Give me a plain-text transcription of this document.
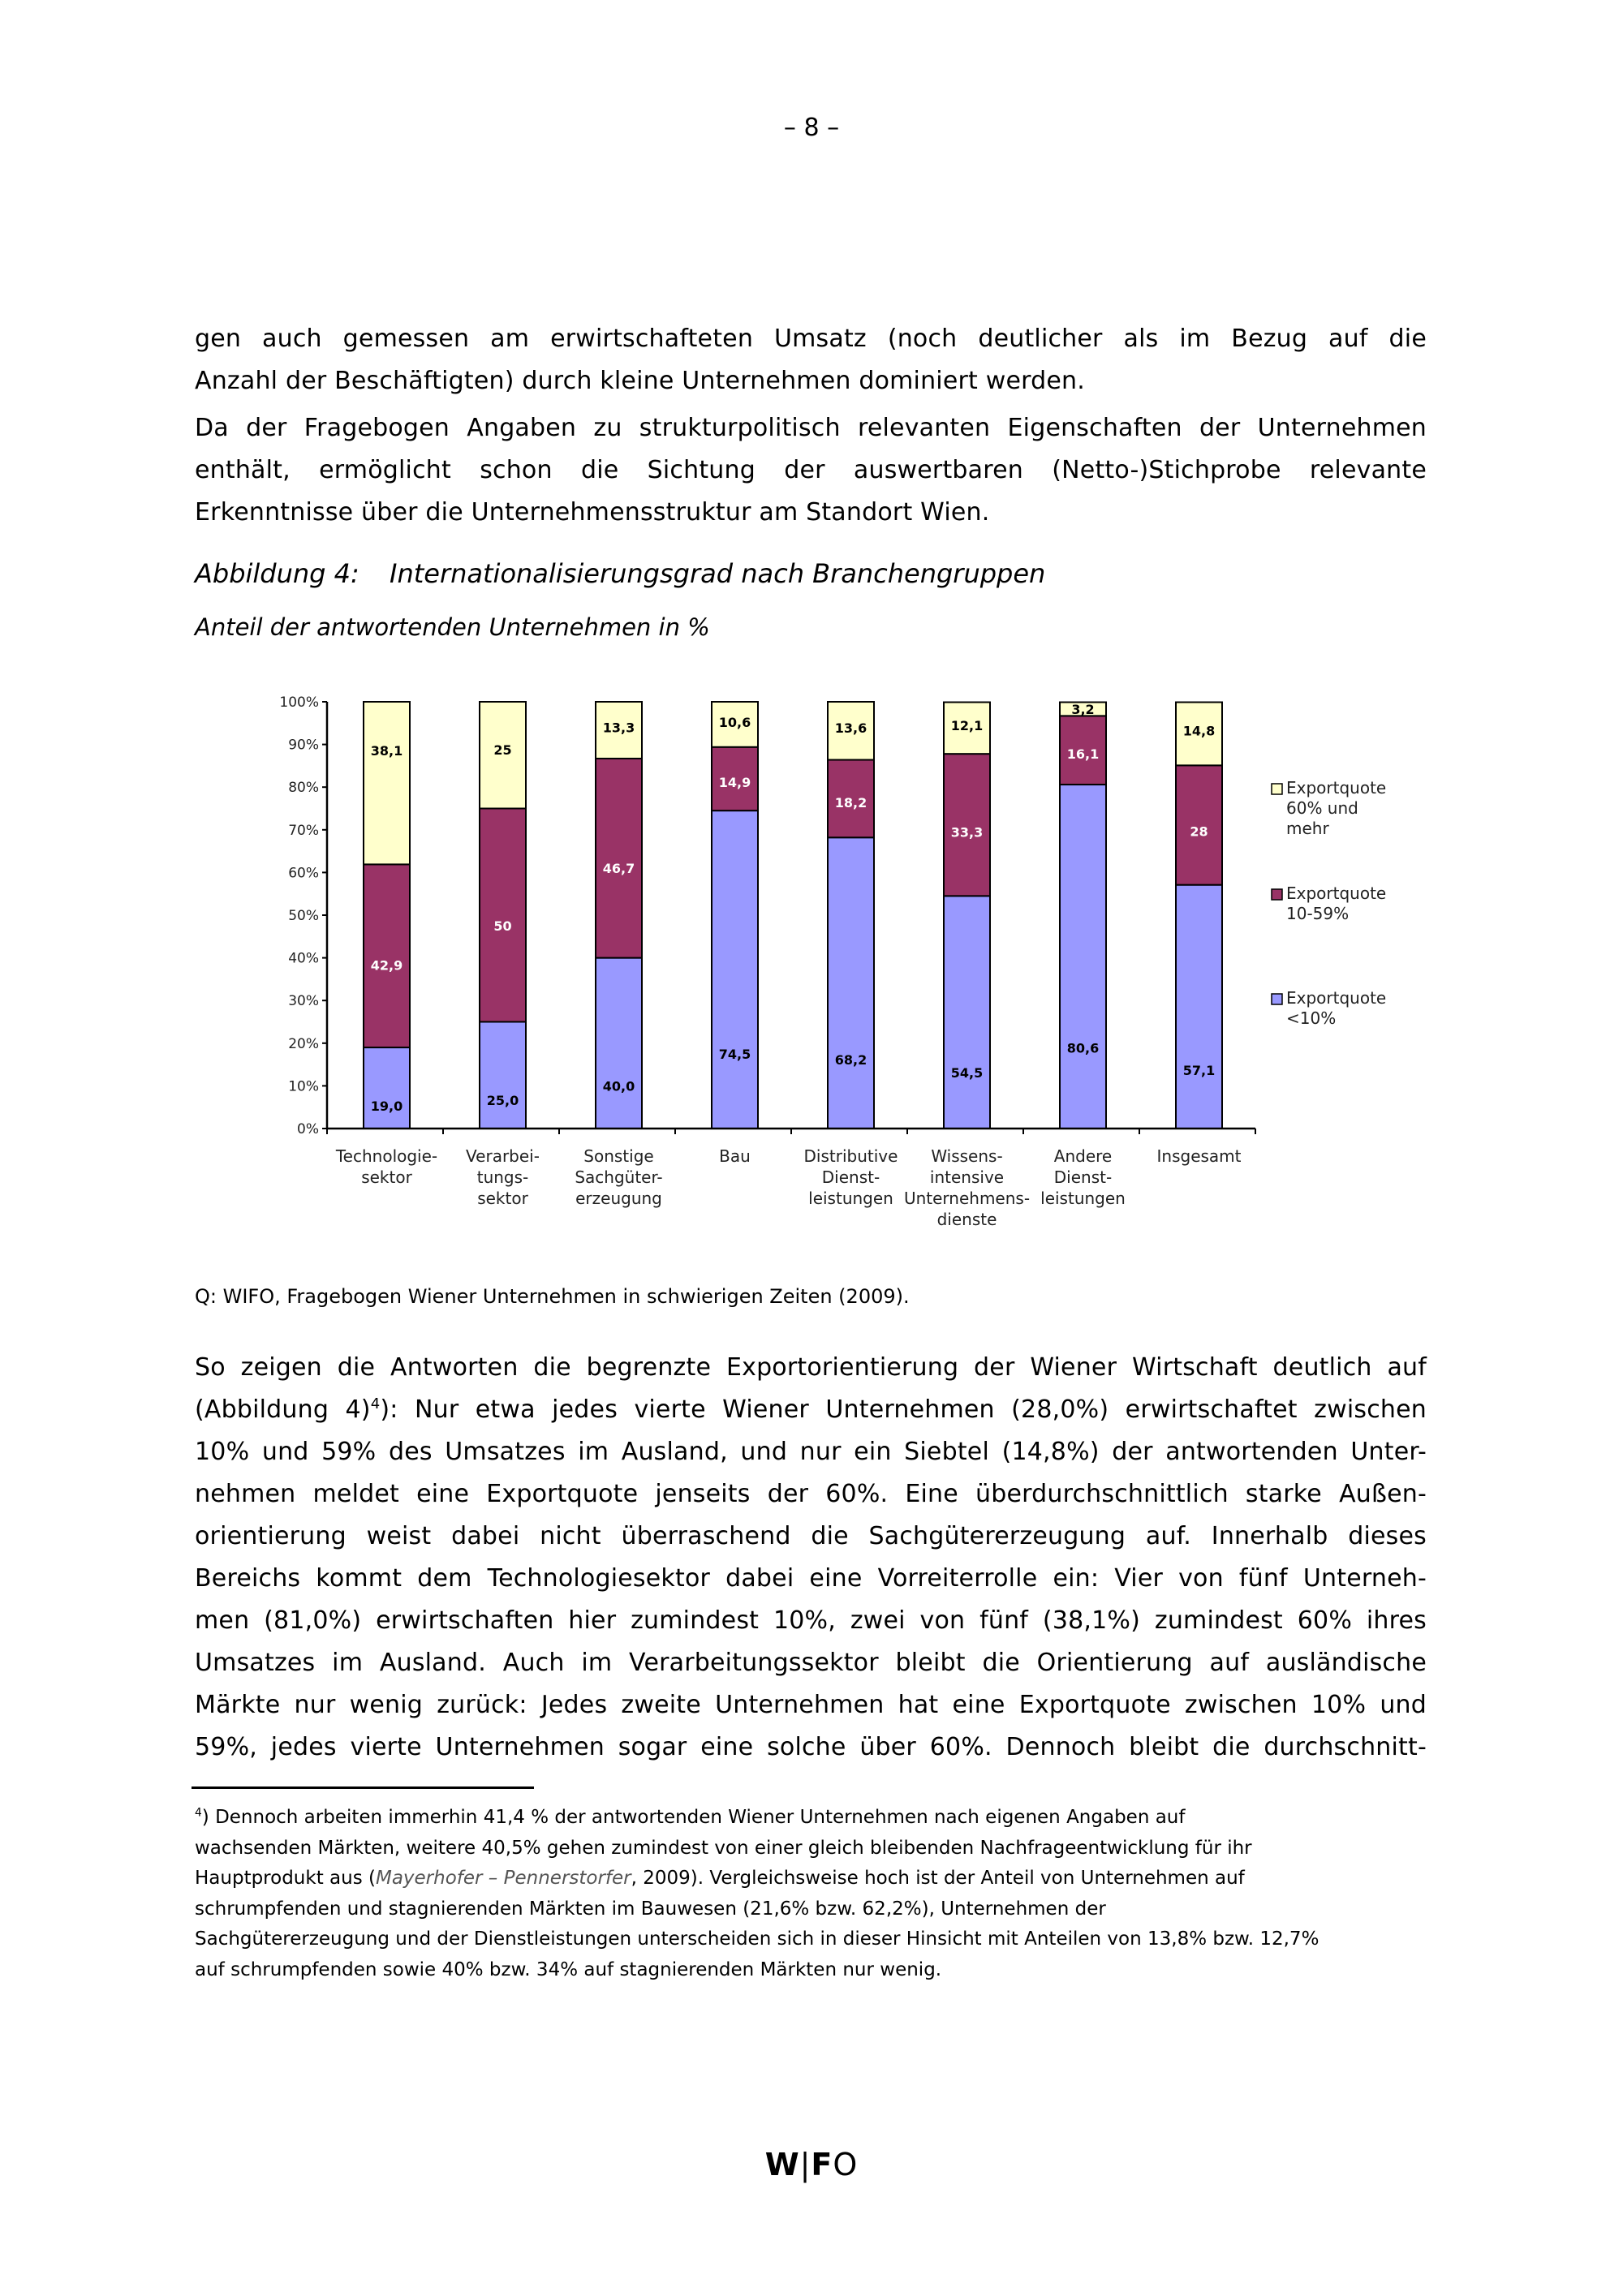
– 8 –
gen auch gemessen am erwirtschafteten Umsatz (noch deutlicher als im Bezug auf die
Anzahl der Beschäftigten) durch kleine Unternehmen dominiert werden.
Da der Fragebogen Angaben zu strukturpolitisch relevanten Eigenschaften der Unternehmen
enthält, ermöglicht schon die Sichtung der auswertbaren (Netto-)Stichprobe relevante
Erkenntnisse über die Unternehmensstruktur am Standort Wien.
Abbildung 4: Internationalisierungsgrad nach Branchengruppen
Anteil der antwortenden Unternehmen in %
0%
10%
20%
30%
40%
50%
60%
70%
80%
90%
100%
19,0
42,9
38,1
25,0
50
25
40,0
46,7
13,3
74,5
14,9
10,6
68,2
18,2
13,6
54,5
33,3
12,1
80,6
16,1
3,2
57,1
28
14,8
Technologie-sektor
Verarbei-tungs-sektor
Sonstige Sachgüter-erzeugung
Bau	Distributive Dienst-leistungen
Wissens-intensive Unternehmens-dienste
Andere Dienst-leistungen
Insgesamt
Exportquote 60% und mehr
Exportquote 10-59%
Exportquote <10%
Q: WIFO, Fragebogen Wiener Unternehmen in schwierigen Zeiten (2009).
So zeigen die Antworten die begrenzte Exportorientierung der Wiener Wirtschaft deutlich auf
(Abbildung 4)$^4$): Nur etwa jedes vierte Wiener Unternehmen (28,0%) erwirtschaftet zwischen
10% und 59% des Umsatzes im Ausland, und nur ein Siebtel (14,8%) der antwortenden Unter-
nehmen meldet eine Exportquote jenseits der 60%. Eine überdurchschnittlich starke Außen-
orientierung weist dabei nicht überraschend die Sachgütererzeugung auf. Innerhalb dieses
Bereichs kommt dem Technologiesektor dabei eine Vorreiterrolle ein: Vier von fünf Unterneh-
men (81,0%) erwirtschaften hier zumindest 10%, zwei von fünf (38,1%) zumindest 60% ihres
Umsatzes im Ausland. Auch im Verarbeitungssektor bleibt die Orientierung auf ausländische
Märkte nur wenig zurück: Jedes zweite Unternehmen hat eine Exportquote zwischen 10% und
59%, jedes vierte Unternehmen sogar eine solche über 60%. Dennoch bleibt die durchschnitt-
$^4$) Dennoch arbeiten immerhin 41,4 % der antwortenden Wiener Unternehmen nach eigenen Angaben auf
wachsenden Märkten, weitere 40,5% gehen zumindest von einer gleich bleibenden Nachfrageentwicklung für ihr
Hauptprodukt aus (Mayerhofer – Pennerstorfer, 2009). Vergleichsweise hoch ist der Anteil von Unternehmen auf
schrumpfenden und stagnierenden Märkten im Bauwesen (21,6% bzw. 62,2%), Unternehmen der
Sachgütererzeugung und der Dienstleistungen unterscheiden sich in dieser Hinsicht mit Anteilen von 13,8% bzw. 12,7%
auf schrumpfenden sowie 40% bzw. 34% auf stagnierenden Märkten nur wenig.
W|FO
